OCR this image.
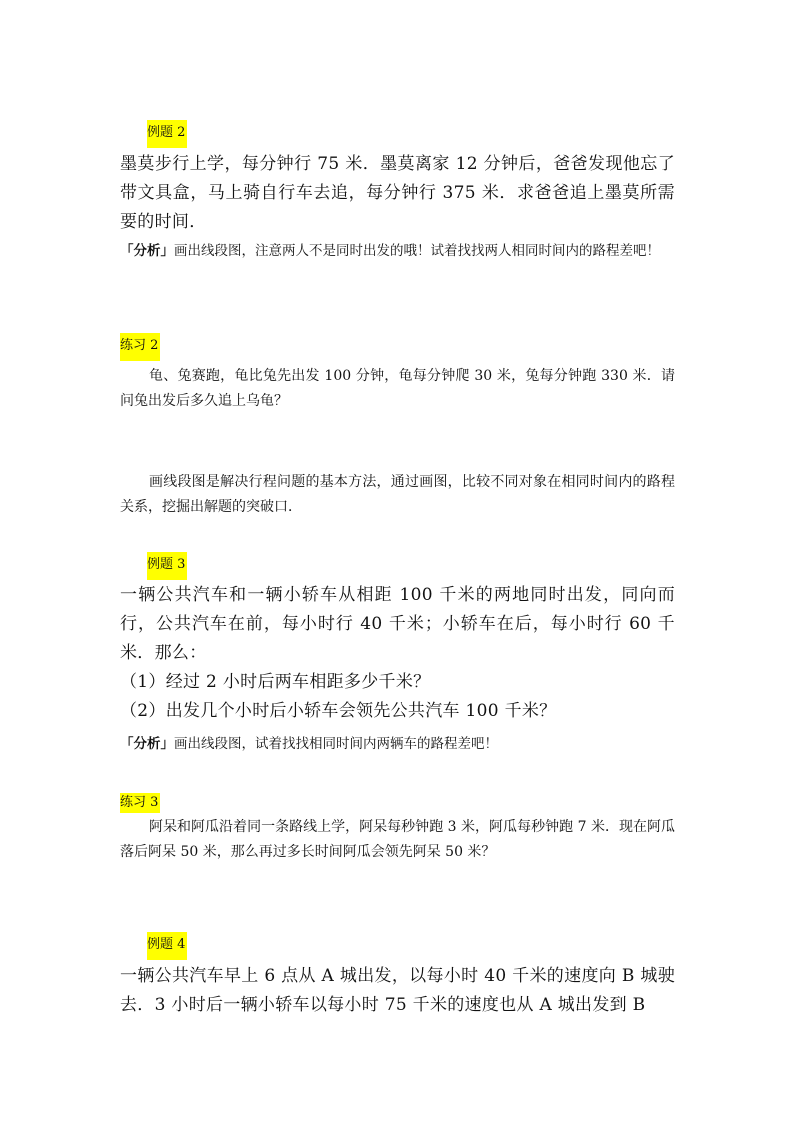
例题 2

墨莫步行上学，每分钟行 75 米．墨莫离家 12 分钟后，爸爸发现他忘了带文具盒，马上骑自行车去追，每分钟行 375 米．求爸爸追上墨莫所需要的时间．

「分析」画出线段图，注意两人不是同时出发的哦！试着找找两人相同时间内的路程差吧！

练习 2

龟、兔赛跑，龟比兔先出发 100 分钟，龟每分钟爬 30 米，兔每分钟跑 330 米．请问兔出发后多久追上乌龟？

画线段图是解决行程问题的基本方法，通过画图，比较不同对象在相同时间内的路程关系，挖掘出解题的突破口．

例题 3

一辆公共汽车和一辆小轿车从相距 100 千米的两地同时出发，同向而行，公共汽车在前，每小时行 40 千米；小轿车在后，每小时行 60 千米．那么：

（1）经过 2 小时后两车相距多少千米？

（2）出发几个小时后小轿车会领先公共汽车 100 千米？

「分析」画出线段图，试着找找相同时间内两辆车的路程差吧！

练习 3

阿呆和阿瓜沿着同一条路线上学，阿呆每秒钟跑 3 米，阿瓜每秒钟跑 7 米．现在阿瓜落后阿呆 50 米，那么再过多长时间阿瓜会领先阿呆 50 米？

例题 4

一辆公共汽车早上 6 点从 A 城出发，以每小时 40 千米的速度向 B 城驶去．3 小时后一辆小轿车以每小时 75 千米的速度也从 A 城出发到 B
